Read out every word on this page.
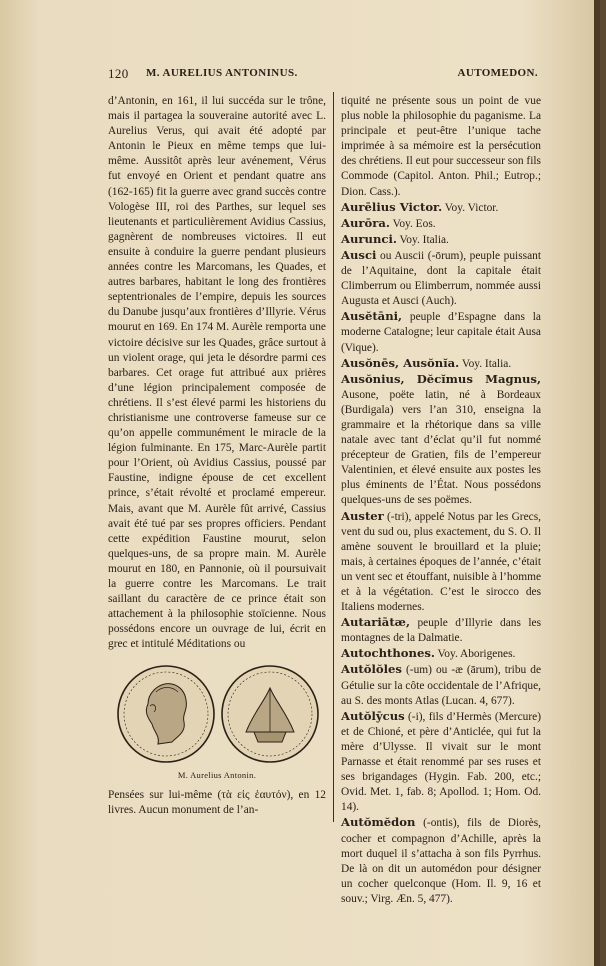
120 M. AURELIUS ANTONINUS.	AUTOMEDON.

d’Antonin, en 161, il lui succéda sur le trône, mais il partagea la souveraine autorité avec L. Aurelius Verus, qui avait été adopté par Antonin le Pieux en même temps que lui-même. Aussitôt après leur avénement, Vérus fut envoyé en Orient et pendant quatre ans (162-165) fit la guerre avec grand succès contre Vologèse III, roi des Parthes, sur lequel ses lieutenants et particulièrement Avidius Cassius, gagnèrent de nombreuses victoires. Il eut ensuite à conduire la guerre pendant plusieurs années contre les Marcomans, les Quades, et autres barbares, habitant le long des frontières septentrionales de l’empire, depuis les sources du Danube jusqu’aux frontières d’Illyrie. Vérus mourut en 169. En 174 M. Aurèle remporta une victoire décisive sur les Quades, grâce surtout à un violent orage, qui jeta le désordre parmi ces barbares. Cet orage fut attribué aux prières d’une légion principalement composée de chrétiens. Il s’est élevé parmi les historiens du christianisme une controverse fameuse sur ce qu’on appelle communément le miracle de la légion fulminante. En 175, Marc-Aurèle partit pour l’Orient, où Avidius Cassius, poussé par Faustine, indigne épouse de cet excellent prince, s’était révolté et proclamé empereur. Mais, avant que M. Aurèle fût arrivé, Cassius avait été tué par ses propres officiers. Pendant cette expédition Faustine mourut, selon quelques-uns, de sa propre main. M. Aurèle mourut en 180, en Pannonie, où il poursuivait la guerre contre les Marcomans. Le trait saillant du caractère de ce prince était son attachement à la philosophie stoïcienne. Nous possédons encore un ouvrage de lui, écrit en grec et intitulé Méditations ou

M. Aurelius Antonin.

Pensées sur lui-même (τὰ εἰς ἑαυτόν), en 12 livres. Aucun monument de l’an-

tiquité ne présente sous un point de vue plus noble la philosophie du paganisme. La principale et peut-être l’unique tache imprimée à sa mémoire est la persécution des chrétiens. Il eut pour successeur son fils Commode (Capitol. Anton. Phil.; Eutrop.; Dion. Cass.).

Aurēlius Victor. Voy. Victor.

Aurōra. Voy. Eos.

Aurunci. Voy. Italia.

Ausci ou Auscii (-ōrum), peuple puissant de l’Aquitaine, dont la capitale était Climberrum ou Elimberrum, nommée aussi Augusta et Ausci (Auch).

Ausĕtāni, peuple d’Espagne dans la moderne Catalogne; leur capitale était Ausa (Vique).

Ausŏnēs, Ausŏnĭa. Voy. Italia.

Ausŏnius, Dĕcĭmus Magnus, Ausone, poëte latin, né à Bordeaux (Burdigala) vers l’an 310, enseigna la grammaire et la rhétorique dans sa ville natale avec tant d’éclat qu’il fut nommé précepteur de Gratien, fils de l’empereur Valentinien, et élevé ensuite aux postes les plus éminents de l’État. Nous possédons quelques-uns de ses poëmes.

Auster (-tri), appelé Notus par les Grecs, vent du sud ou, plus exactement, du S. O. Il amène souvent le brouillard et la pluie; mais, à certaines époques de l’année, c’était un vent sec et étouffant, nuisible à l’homme et à la végétation. C’est le sirocco des Italiens modernes.

Autariātæ, peuple d’Illyrie dans les montagnes de la Dalmatie.

Autochthones. Voy. Aborigenes.

Autŏlŏles (-um) ou -æ (ārum), tribu de Gétulie sur la côte occidentale de l’Afrique, au S. des monts Atlas (Lucan. 4, 677).

Autŏlȳcus (-i), fils d’Hermès (Mercure) et de Chioné, et père d’Anticlée, qui fut la mère d’Ulysse. Il vivait sur le mont Parnasse et était renommé par ses ruses et ses brigandages (Hygin. Fab. 200, etc.; Ovid. Met. 1, fab. 8; Apollod. 1; Hom. Od. 14).

Autŏmĕdon (-ontis), fils de Diorès, cocher et compagnon d’Achille, après la mort duquel il s’attacha à son fils Pyrrhus. De là on dit un automédon pour désigner un cocher quelconque (Hom. Il. 9, 16 et souv.; Virg. Æn. 5, 477).
